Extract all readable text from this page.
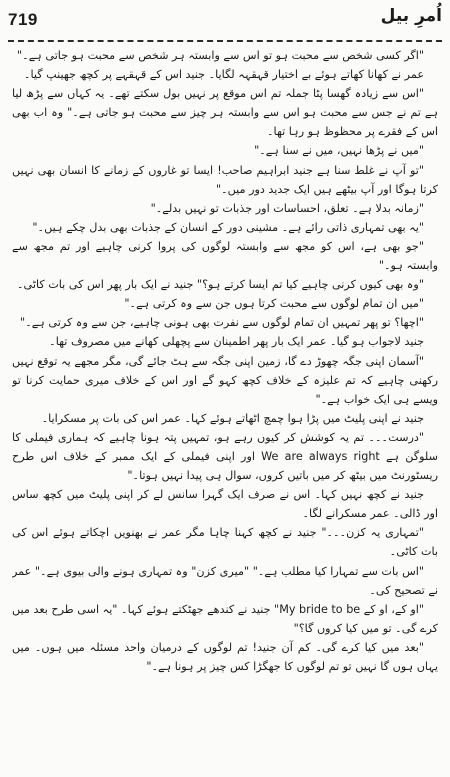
719	اُمرِ بیل

"اگر کسی شخص سے محبت ہو تو اس سے وابستہ ہر شخص سے محبت ہو جاتی ہے۔"

عمر نے کھانا کھاتے ہوئے بے اختیار قہقہہ لگایا۔ جنید اس کے قہقہے پر کچھ جھینپ گیا۔

"اس سے زیادہ گھسا پٹا جملہ تم اس موقع پر نہیں بول سکتے تھے۔ یہ کہاں سے پڑھ لیا ہے تم نے جس سے محبت ہو اس سے وابستہ ہر چیز سے محبت ہو جاتی ہے۔" وہ اب بھی اس کے فقرے پر محظوظ ہو رہا تھا۔

"میں نے پڑھا نہیں، میں نے سنا ہے۔"

"تو آپ نے غلط سنا ہے جنید ابراہیم صاحب! ایسا تو غاروں کے زمانے کا انسان بھی نہیں کرتا ہوگا اور آپ بیٹھے ہیں ایک جدید دور میں۔"

"زمانہ بدلا ہے۔ تعلق، احساسات اور جذبات تو نہیں بدلے۔"

"یہ بھی تمہاری ذاتی رائے ہے۔ مشینی دور کے انسان کے جذبات بھی بدل چکے ہیں۔"

"جو بھی ہے، اس کو مجھ سے وابستہ لوگوں کی پروا کرنی چاہیے اور تم مجھ سے وابستہ ہو۔"

"وہ بھی کیوں کرنی چاہیے کیا تم ایسا کرتے ہو؟" جنید نے ایک بار پھر اس کی بات کاٹی۔

"میں ان تمام لوگوں سے محبت کرتا ہوں جن سے وہ کرتی ہے۔"

"اچھا؟ تو پھر تمہیں ان تمام لوگوں سے نفرت بھی ہونی چاہیے، جن سے وہ کرتی ہے۔"

جنید لاجواب ہو گیا۔ عمر ایک بار پھر اطمینان سے پچھلی کھانے میں مصروف تھا۔

"آسمان اپنی جگہ چھوڑ دے گا، زمین اپنی جگہ سے ہٹ جائے گی، مگر مجھے یہ توقع نہیں رکھنی چاہیے کہ تم علیزہ کے خلاف کچھ کہو گے اور اس کے خلاف میری حمایت کرنا تو ویسے ہی ایک خواب ہے۔"

جنید نے اپنی پلیٹ میں پڑا ہوا چمچ اٹھاتے ہوئے کہا۔ عمر اس کی بات پر مسکرایا۔

"درست۔۔۔ تم یہ کوشش کر کیوں رہے ہو، تمہیں پتہ ہونا چاہیے کہ ہماری فیملی کا سلوگن ہے We are always right اور اپنی فیملی کے ایک ممبر کے خلاف اس طرح ریسٹورنٹ میں بیٹھ کر میں باتیں کروں، سوال ہی پیدا نہیں ہوتا۔"

جنید نے کچھ نہیں کہا۔ اس نے صرف ایک گہرا سانس لے کر اپنی پلیٹ میں کچھ ساس اور ڈالی۔ عمر مسکرانے لگا۔

"تمہاری یہ کزن۔۔۔" جنید نے کچھ کہنا چاہا مگر عمر نے بھنویں اچکاتے ہوئے اس کی بات کاٹی۔

"اس بات سے تمہارا کیا مطلب ہے۔" "میری کزن" وہ تمہاری ہونے والی بیوی ہے۔" عمر نے تصحیح کی۔

"او کے، او کے My bride to be" جنید نے کندھے جھٹکتے ہوئے کہا۔ "یہ اسی طرح بعد میں کرے گی۔ تو میں کیا کروں گا؟"

"بعد میں کیا کرے گی۔ کم آن جنید! تم لوگوں کے درمیان واحد مسئلہ میں ہوں۔ میں یہاں ہوں گا نہیں تو تم لوگوں کا جھگڑا کس چیز پر ہونا ہے۔"
